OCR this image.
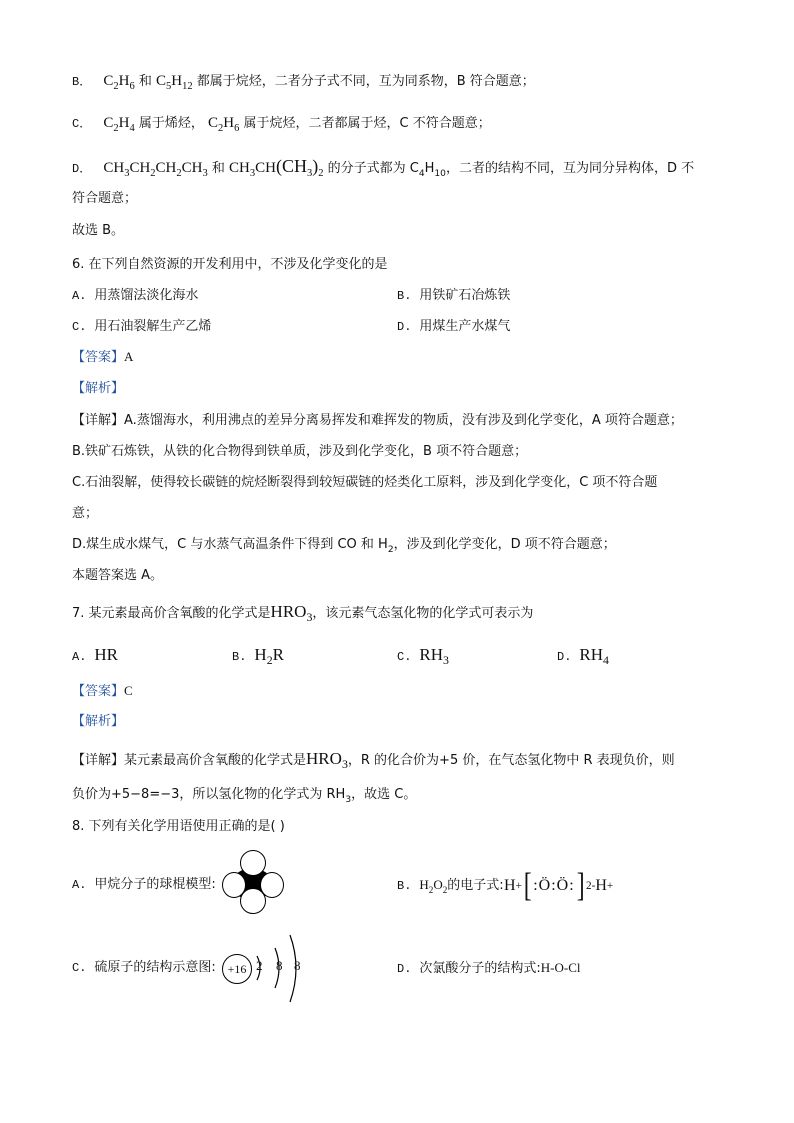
B． $C_2H_6$ 和 $C_5H_{12}$ 都属于烷烃，二者分子式不同，互为同系物，B 符合题意；
C． $C_2H_4$ 属于烯烃， $C_2H_6$ 属于烷烃，二者都属于烃，C 不符合题意；
D． $CH_3CH_2CH_2CH_3$ 和 $CH_3CH(CH_3)_2$ 的分子式都为 $C_4H_{10}$，二者的结构不同，互为同分异构体，D 不
符合题意；
故选 B。
6. 在下列自然资源的开发利用中，不涉及化学变化的是
A. 用蒸馏法淡化海水	B. 用铁矿石冶炼铁
C. 用石油裂解生产乙烯	D. 用煤生产水煤气
【答案】A
【解析】
【详解】A.蒸馏海水，利用沸点的差异分离易挥发和难挥发的物质，没有涉及到化学变化，A 项符合题意；
B.铁矿石炼铁，从铁的化合物得到铁单质，涉及到化学变化，B 项不符合题意；
C.石油裂解，使得较长碳链的烷烃断裂得到较短碳链的烃类化工原料，涉及到化学变化，C 项不符合题
意；
D.煤生成水煤气，C 与水蒸气高温条件下得到 CO 和 $H_2$，涉及到化学变化，D 项不符合题意；
本题答案选 A。
7. 某元素最高价含氧酸的化学式是$HRO_3$，该元素气态氢化物的化学式可表示为
A. HR	B. $H_2R$	C. $RH_3$	D. $RH_4$
【答案】C
【解析】
【详解】某元素最高价含氧酸的化学式是$HRO_3$，R 的化合价为+5 价，在气态氢化物中 R 表现负价，则
负价为+5−8=−3，所以氢化物的化学式为 $RH_3$，故选 C。
8. 下列有关化学用语使用正确的是( )
A. 甲烷分子的球棍模型:	B. $H_2O_2$的电子式: H + [ :Ö:Ö: ] 2- H +
C. 硫原子的结构示意图: +16 2 8 8	D. 次氯酸分子的结构式:H-O-Cl
